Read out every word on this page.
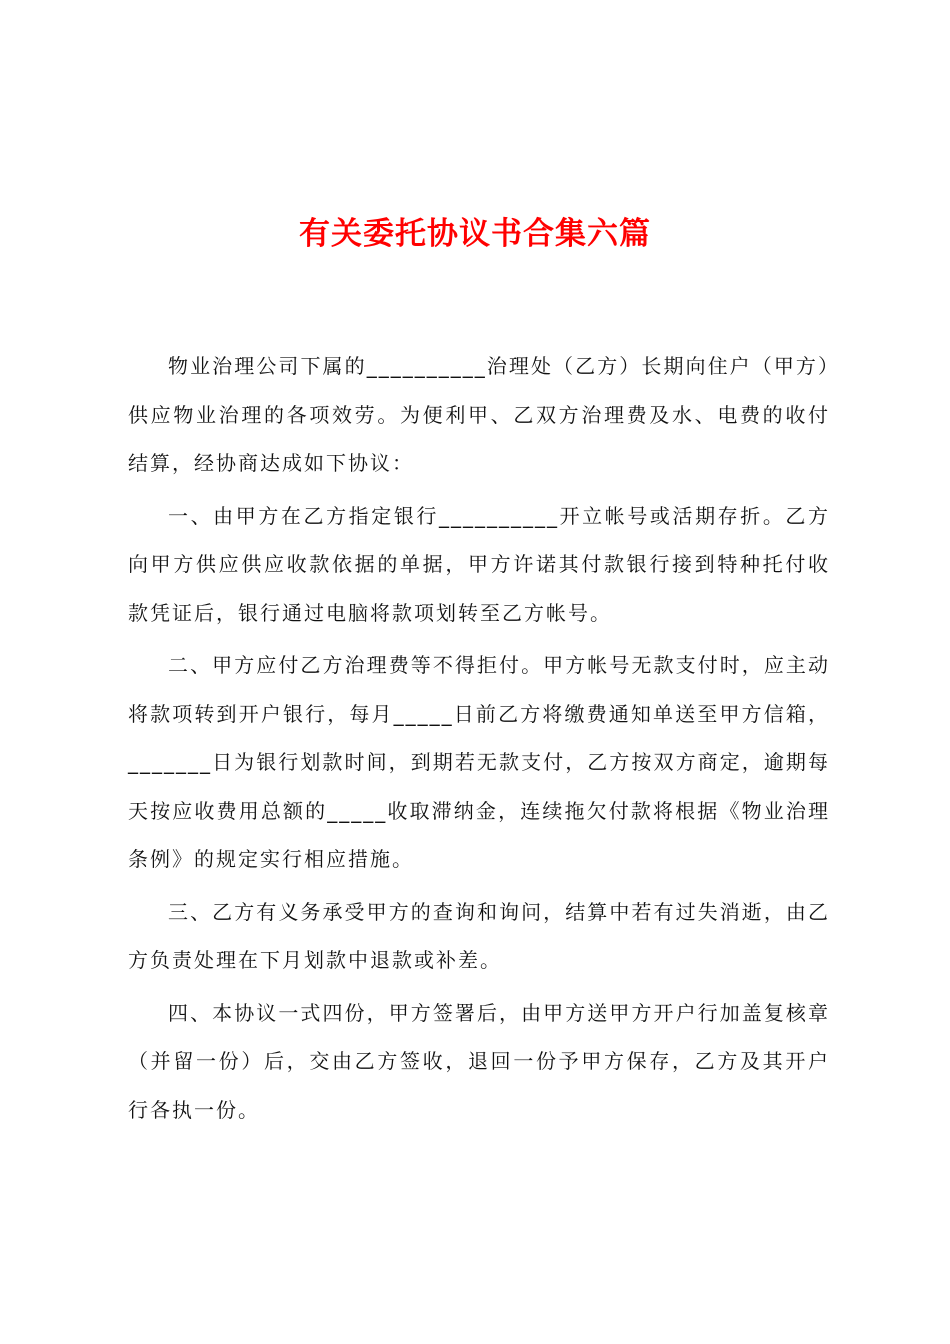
有关委托协议书合集六篇

物业治理公司下属的__________治理处（乙方）长期向住户（甲方）供应物业治理的各项效劳。为便利甲、乙双方治理费及水、电费的收付结算，经协商达成如下协议：

一、由甲方在乙方指定银行__________开立帐号或活期存折。乙方向甲方供应供应收款依据的单据，甲方许诺其付款银行接到特种托付收款凭证后，银行通过电脑将款项划转至乙方帐号。

二、甲方应付乙方治理费等不得拒付。甲方帐号无款支付时，应主动将款项转到开户银行，每月_____日前乙方将缴费通知单送至甲方信箱，_______日为银行划款时间，到期若无款支付，乙方按双方商定，逾期每天按应收费用总额的_____收取滞纳金，连续拖欠付款将根据《物业治理条例》的规定实行相应措施。

三、乙方有义务承受甲方的查询和询问，结算中若有过失消逝，由乙方负责处理在下月划款中退款或补差。

四、本协议一式四份，甲方签署后，由甲方送甲方开户行加盖复核章（并留一份）后，交由乙方签收，退回一份予甲方保存，乙方及其开户行各执一份。
